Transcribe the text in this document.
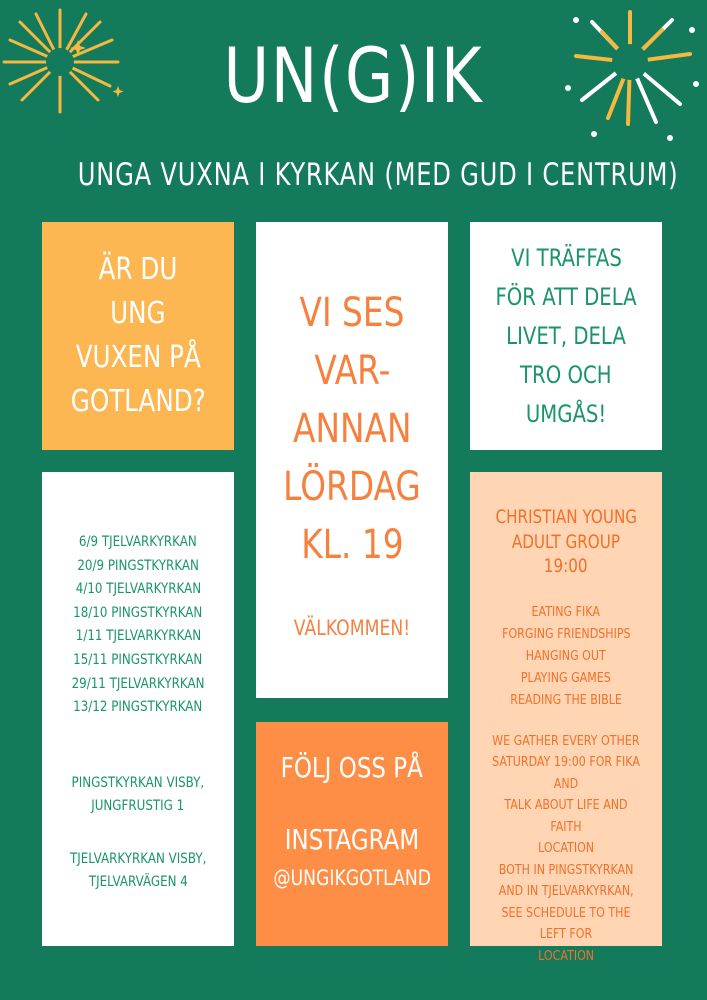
UN(G)IK
UNGA VUXNA I KYRKAN (MED GUD I CENTRUM)
ÄR DU
UNG
VUXEN PÅ
GOTLAND?
VI SES
VAR-
ANNAN
LÖRDAG
KL. 19
VÄLKOMMEN!
VI TRÄFFAS
FÖR ATT DELA
LIVET, DELA
TRO OCH
UMGÅS!
6/9 TJELVARKYRKAN
20/9 PINGSTKYRKAN
4/10 TJELVARKYRKAN
18/10 PINGSTKYRKAN
1/11 TJELVARKYRKAN
15/11 PINGSTKYRKAN
29/11 TJELVARKYRKAN
13/12 PINGSTKYRKAN
PINGSTKYRKAN VISBY,
JUNGFRUSTIG 1
TJELVARKYRKAN VISBY,
TJELVARVÄGEN 4
FÖLJ OSS PÅ
INSTAGRAM
@UNGIKGOTLAND
CHRISTIAN YOUNG
ADULT GROUP
19:00
EATING FIKA
FORGING FRIENDSHIPS
HANGING OUT
PLAYING GAMES
READING THE BIBLE
WE GATHER EVERY OTHER
SATURDAY 19:00 FOR FIKA AND
TALK ABOUT LIFE AND FAITH
LOCATION
BOTH IN PINGSTKYRKAN
AND IN TJELVARKYRKAN,
SEE SCHEDULE TO THE LEFT FOR
LOCATION
